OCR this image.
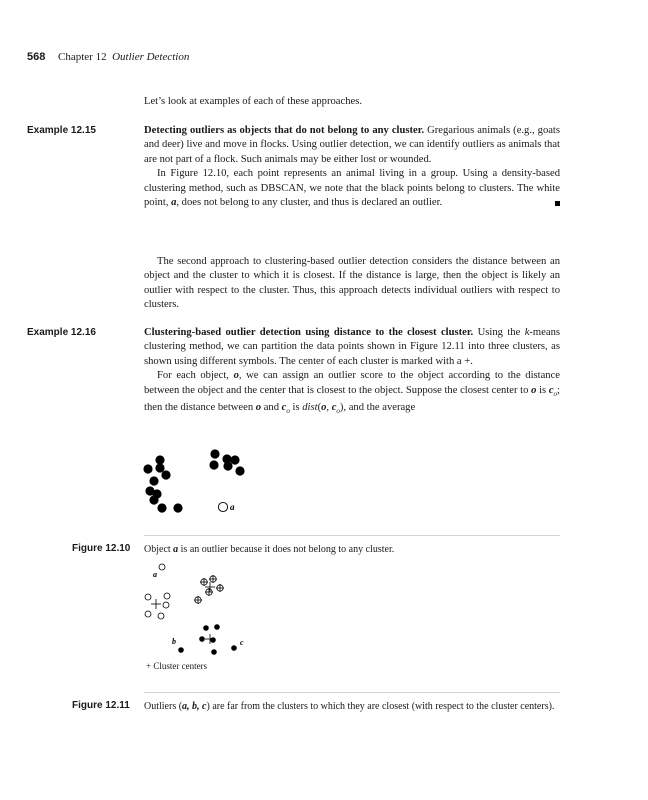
568 Chapter 12 Outlier Detection
Let’s look at examples of each of these approaches.
Example 12.15	Detecting outliers as objects that do not belong to any cluster. Gregarious animals (e.g., goats and deer) live and move in flocks. Using outlier detection, we can identify outliers as animals that are not part of a flock. Such animals may be either lost or wounded.

In Figure 12.10, each point represents an animal living in a group. Using a density-based clustering method, such as DBSCAN, we note that the black points belong to clusters. The white point, a, does not belong to any cluster, and thus is declared an outlier.

The second approach to clustering-based outlier detection considers the distance between an object and the cluster to which it is closest. If the distance is large, then the object is likely an outlier with respect to the cluster. Thus, this approach detects individual outliers with respect to clusters.
Example 12.16	Clustering-based outlier detection using distance to the closest cluster. Using the k-means clustering method, we can partition the data points shown in Figure 12.11 into three clusters, as shown using different symbols. The center of each cluster is marked with a +.

For each object, o, we can assign an outlier score to the object according to the distance between the object and the center that is closest to the object. Suppose the closest center to o is $c_o$; then the distance between o and $c_o$ is dist(o, $c_o$), and the average

a
a
b	c
Figure 12.10 Object a is an outlier because it does not belong to any cluster.
+ Cluster centers
Figure 12.11 Outliers (a, b, c) are far from the clusters to which they are closest (with respect to the cluster centers).
